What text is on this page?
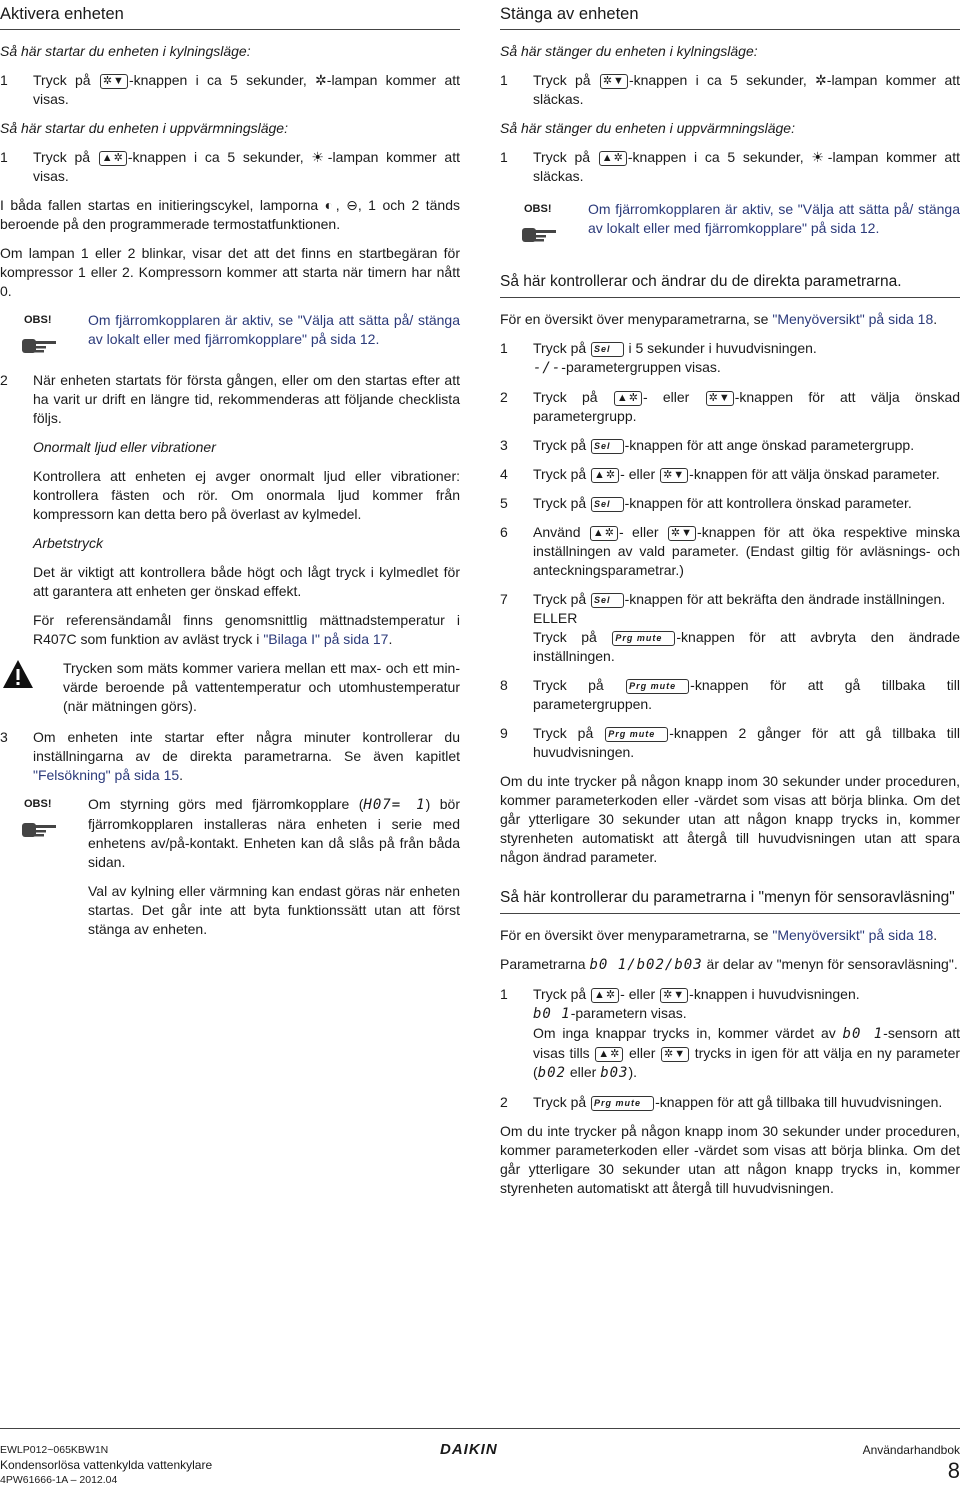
Aktivera enheten
Så här startar du enheten i kylningsläge:
1 Tryck på ✲▼ -knappen i ca 5 sekunder, ✲-lampan kommer att visas.
Så här startar du enheten i uppvärmningsläge:
1 Tryck på ▲✲ -knappen i ca 5 sekunder, ☀-lampan kommer att visas.

I båda fallen startas en initieringscykel, lamporna ◐, ⊖, 1 och 2 tänds beroende på den programmerade termostatfunktionen.

Om lampan 1 eller 2 blinkar, visar det att det finns en startbegäran för kompressor 1 eller 2. Kompressorn kommer att starta när timern har nått 0.

OBS!	Om fjärromkopplaren är aktiv, se "Välja att sätta på/ stänga av lokalt eller med fjärromkopplare" på sida 12.
2 När enheten startats för första gången, eller om den startas efter att ha varit ur drift en längre tid, rekommenderas att följande checklista följs.
Onormalt ljud eller vibrationer

Kontrollera att enheten ej avger onormalt ljud eller vibrationer: kontrollera fästen och rör. Om onormala ljud kommer från kompressorn kan detta bero på överlast av kylmedel.

Arbetstryck

Det är viktigt att kontrollera både högt och lågt tryck i kylmedlet för att garantera att enheten ger önskad effekt.

För referensändamål finns genomsnittlig mättnadstemperatur i R407C som funktion av avläst tryck i "Bilaga I" på sida 17.

Trycken som mäts kommer variera mellan ett max- och ett min-värde beroende på vattentemperatur och utomhustemperatur (när mätningen görs).
3 Om enheten inte startar efter några minuter kontrollerar du inställningarna av de direkta parametrarna. Se även kapitlet "Felsökning" på sida 15.
OBS!	Om styrning görs med fjärromkopplare (H07= 1) bör fjärromkopplaren installeras nära enheten i serie med enhetens av/på-kontakt. Enheten kan då slås på från båda sidan.

Val av kylning eller värmning kan endast göras när enheten startas. Det går inte att byta funktionssätt utan att först stänga av enheten.

Stänga av enheten
Så här stänger du enheten i kylningsläge:
1 Tryck på ✲▼ -knappen i ca 5 sekunder, ✲-lampan kommer att släckas.
Så här stänger du enheten i uppvärmningsläge:
1 Tryck på ▲✲ -knappen i ca 5 sekunder, ☀-lampan kommer att släckas.
OBS!	Om fjärromkopplaren är aktiv, se "Välja att sätta på/ stänga av lokalt eller med fjärromkopplare" på sida 12.
Så här kontrollerar och ändrar du de direkta parametrarna.

För en översikt över menyparametrarna, se "Menyöversikt" på sida 18.

1 Tryck på Sel i 5 sekunder i huvudvisningen.
-/--parametergruppen visas.
2 Tryck på ▲✲ - eller ✲▼ -knappen för att välja önskad parametergrupp.
3 Tryck på Sel -knappen för att ange önskad parametergrupp.
4 Tryck på ▲✲ - eller ✲▼ -knappen för att välja önskad parameter.
5 Tryck på Sel -knappen för att kontrollera önskad parameter.
6 Använd ▲✲ - eller ✲▼ -knappen för att öka respektive minska inställningen av vald parameter. (Endast giltig för avläsnings- och anteckningsparametrar.)
7 Tryck på Sel -knappen för att bekräfta den ändrade inställningen.
ELLER
Tryck på Prg mute -knappen för att avbryta den ändrade inställningen.
8 Tryck på	Prg mute -knappen för att gå tillbaka till parametergruppen.
9 Tryck på Prg mute -knappen 2 gånger för att gå tillbaka till huvudvisningen.

Om du inte trycker på någon knapp inom 30 sekunder under proceduren, kommer parameterkoden eller -värdet som visas att börja blinka. Om det går ytterligare 30 sekunder utan att någon knapp trycks in, kommer styrenheten automatiskt att återgå till huvudvisningen utan att spara någon ändrad parameter.

Så här kontrollerar du parametrarna i "menyn för sensoravläsning"

För en översikt över menyparametrarna, se "Menyöversikt" på sida 18.

Parametrarna b0 1/b02/b03 är delar av "menyn för sensoravläsning".

1 Tryck på ▲✲ - eller ✲▼ -knappen i huvudvisningen.
b0 1-parametern visas.
Om inga knappar trycks in, kommer värdet av b0 1-sensorn att visas tills ▲✲ eller ✲▼ trycks in igen för att välja en ny parameter (b02 eller b03).
2 Tryck på Prg mute -knappen för att gå tillbaka till huvudvisningen.

Om du inte trycker på någon knapp inom 30 sekunder under proceduren, kommer parameterkoden eller -värdet som visas att börja blinka. Om det går ytterligare 30 sekunder utan att någon knapp trycks in, kommer styrenheten automatiskt att återgå till huvudvisningen.

EWLP012~065KBW1N
Kondensorlösa vattenkylda vattenkylare
4PW61666-1A – 2012.04
DAIKIN	Användarhandbok
8
